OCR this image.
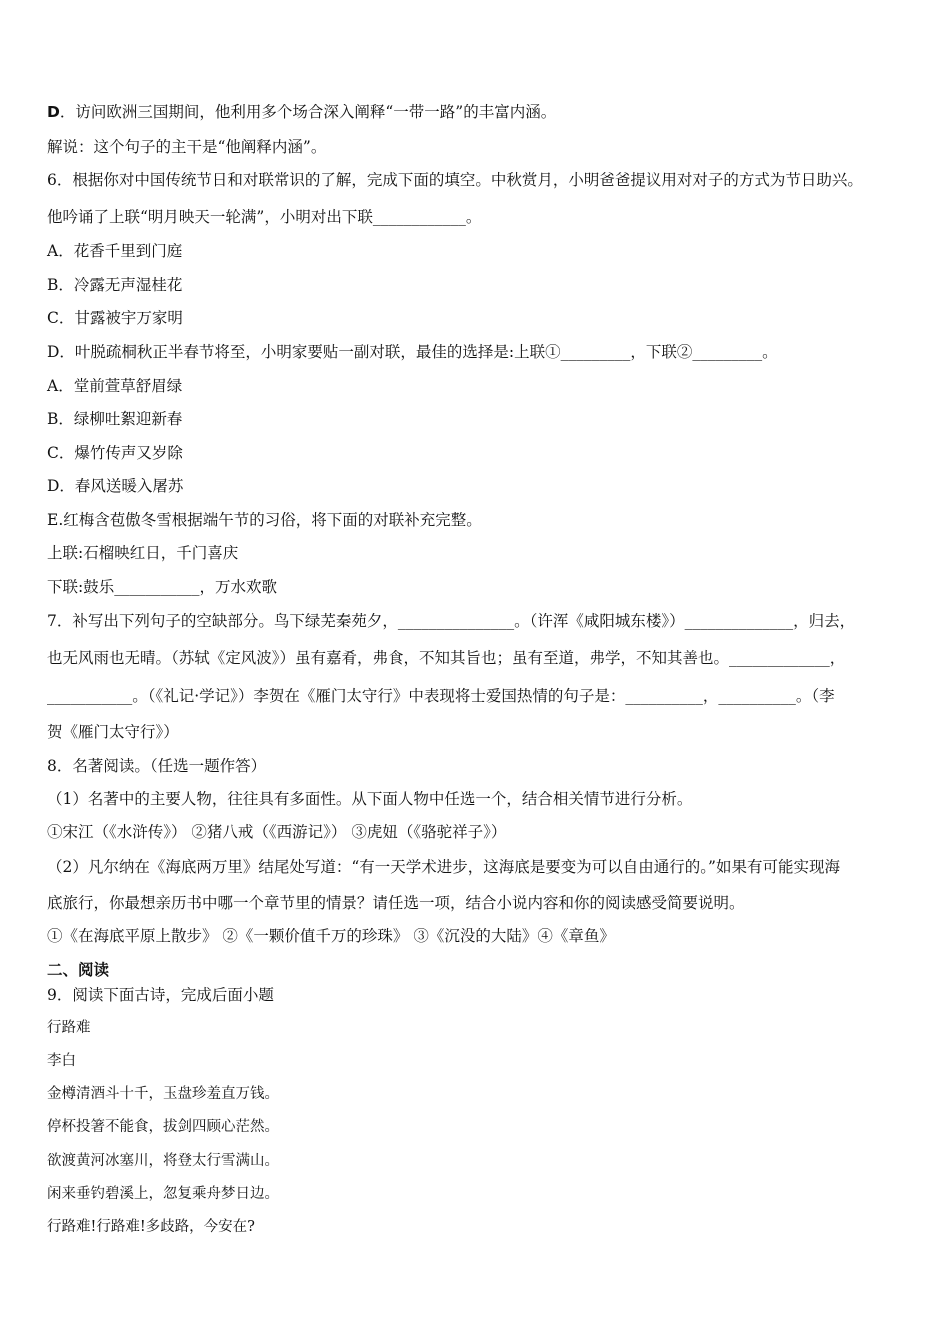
D．访问欧洲三国期间，他利用多个场合深入阐释“一带一路”的丰富内涵。
解说：这个句子的主干是“他阐释内涵”。
6．根据你对中国传统节日和对联常识的了解，完成下面的填空。中秋赏月，小明爸爸提议用对对子的方式为节日助兴。
他吟诵了上联“明月映天一轮满”，小明对出下联____________。
A．花香千里到门庭
B．冷露无声湿桂花
C．甘露被宇万家明
D．叶脱疏桐秋正半春节将至，小明家要贴一副对联，最佳的选择是:上联①_________，下联②_________。
A．堂前萱草舒眉绿
B．绿柳吐絮迎新春
C．爆竹传声又岁除
D．春风送暖入屠苏
E.红梅含苞傲冬雪根据端午节的习俗，将下面的对联补充完整。
上联:石榴映红日，千门喜庆
下联:鼓乐___________，万水欢歌
7．补写出下列句子的空缺部分。鸟下绿芜秦苑夕，_______________。（许浑《咸阳城东楼》）______________，归去，
也无风雨也无晴。（苏轼《定风波》）虽有嘉肴，弗食，不知其旨也；虽有至道，弗学，不知其善也。_____________，
___________。（《礼记·学记》）李贺在《雁门太守行》中表现将士爱国热情的句子是：__________，__________。（李
贺《雁门太守行》）
8．名著阅读。（任选一题作答）
（1）名著中的主要人物，往往具有多面性。从下面人物中任选一个，结合相关情节进行分析。
①宋江（《水浒传》） ②猪八戒（《西游记》） ③虎妞（《骆驼祥子》）
（2）凡尔纳在《海底两万里》结尾处写道：“有一天学术进步，这海底是要变为可以自由通行的。”如果有可能实现海
底旅行，你最想亲历书中哪一个章节里的情景？请任选一项，结合小说内容和你的阅读感受简要说明。
①《在海底平原上散步》 ②《一颗价值千万的珍珠》 ③《沉没的大陆》④《章鱼》
二、阅读
9．阅读下面古诗，完成后面小题
行路难
李白
金樽清酒斗十千，玉盘珍羞直万钱。
停杯投箸不能食，拔剑四顾心茫然。
欲渡黄河冰塞川，将登太行雪满山。
闲来垂钓碧溪上，忽复乘舟梦日边。
行路难!行路难!多歧路，今安在?
